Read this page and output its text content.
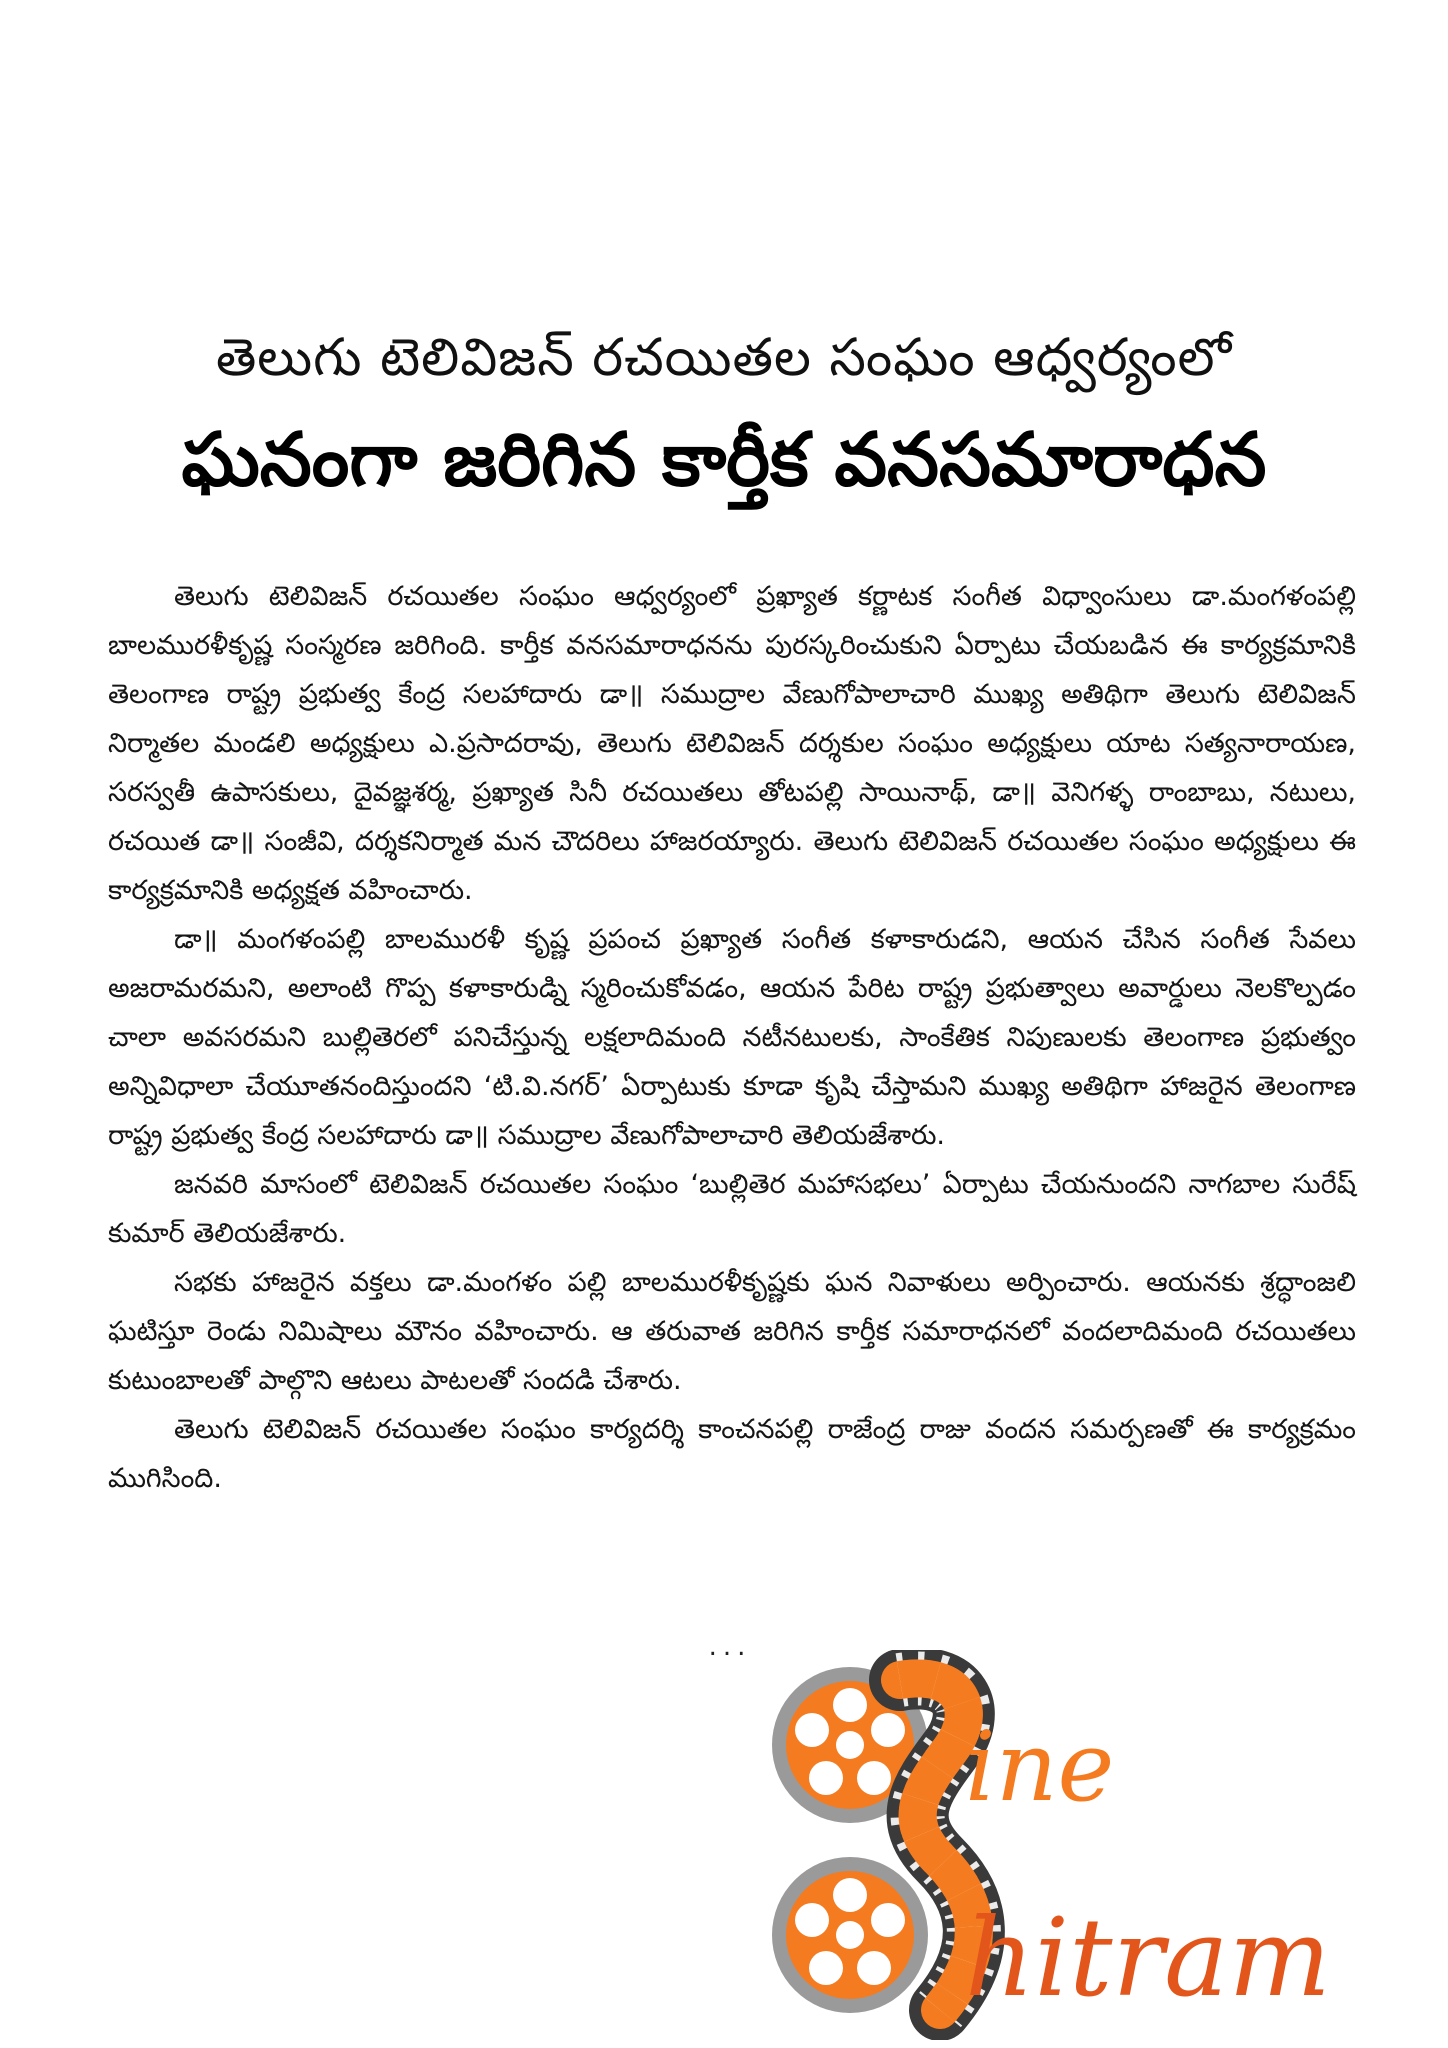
తెలుగు టెలివిజన్ రచయితల సంఘం ఆధ్వర్యంలో
ఘనంగా జరిగిన కార్తీక వనసమారాధన

తెలుగు టెలివిజన్ రచయితల సంఘం ఆధ్వర్యంలో ప్రఖ్యాత కర్ణాటక సంగీత విధ్వాంసులు డా.మంగళంపల్లి బాలమురళీకృష్ణ సంస్మరణ జరిగింది. కార్తీక వనసమారాధనను పురస్కరించుకుని ఏర్పాటు చేయబడిన ఈ కార్యక్రమానికి తెలంగాణ రాష్ట్ర ప్రభుత్వ కేంద్ర సలహాదారు డా॥ సముద్రాల వేణుగోపాలాచారి ముఖ్య అతిథిగా తెలుగు టెలివిజన్ నిర్మాతల మండలి అధ్యక్షులు ఎ.ప్రసాదరావు, తెలుగు టెలివిజన్ దర్శకుల సంఘం అధ్యక్షులు యాట సత్యనారాయణ, సరస్వతీ ఉపాసకులు, దైవజ్ఞశర్మ, ప్రఖ్యాత సినీ రచయితలు తోటపల్లి సాయినాథ్, డా॥ వెనిగళ్ళ రాంబాబు, నటులు, రచయిత డా॥ సంజీవి, దర్శకనిర్మాత మన చౌదరిలు హాజరయ్యారు. తెలుగు టెలివిజన్ రచయితల సంఘం అధ్యక్షులు ఈ కార్యక్రమానికి అధ్యక్షత వహించారు.

డా॥ మంగళంపల్లి బాలమురళీ కృష్ణ ప్రపంచ ప్రఖ్యాత సంగీత కళాకారుడని, ఆయన చేసిన సంగీత సేవలు అజరామరమని, అలాంటి గొప్ప కళాకారుడ్ని స్మరించుకోవడం, ఆయన పేరిట రాష్ట్ర ప్రభుత్వాలు అవార్డులు నెలకొల్పడం చాలా అవసరమని బుల్లితెరలో పనిచేస్తున్న లక్షలాదిమంది నటీనటులకు, సాంకేతిక నిపుణులకు తెలంగాణ ప్రభుత్వం అన్నివిధాలా చేయూతనందిస్తుందని ‘టి.వి.నగర్’ ఏర్పాటుకు కూడా కృషి చేస్తామని ముఖ్య అతిథిగా హాజరైన తెలంగాణ రాష్ట్ర ప్రభుత్వ కేంద్ర సలహాదారు డా॥ సముద్రాల వేణుగోపాలాచారి తెలియజేశారు.

జనవరి మాసంలో టెలివిజన్ రచయితల సంఘం ‘బుల్లితెర మహాసభలు’ ఏర్పాటు చేయనుందని నాగబాల సురేష్ కుమార్ తెలియజేశారు.

సభకు హాజరైన వక్తలు డా.మంగళం పల్లి బాలమురళీకృష్ణకు ఘన నివాళులు అర్పించారు. ఆయనకు శ్రద్ధాంజలి ఘటిస్తూ రెండు నిమిషాలు మౌనం వహించారు. ఆ తరువాత జరిగిన కార్తీక సమారాధనలో వందలాదిమంది రచయితలు కుటుంబాలతో పాల్గొని ఆటలు పాటలతో సందడి చేశారు.

తెలుగు టెలివిజన్ రచయితల సంఘం కార్యదర్శి కాంచనపల్లి రాజేంద్ర రాజు వందన సమర్పణతో ఈ కార్యక్రమం ముగిసింది.

...
ine
hitram
